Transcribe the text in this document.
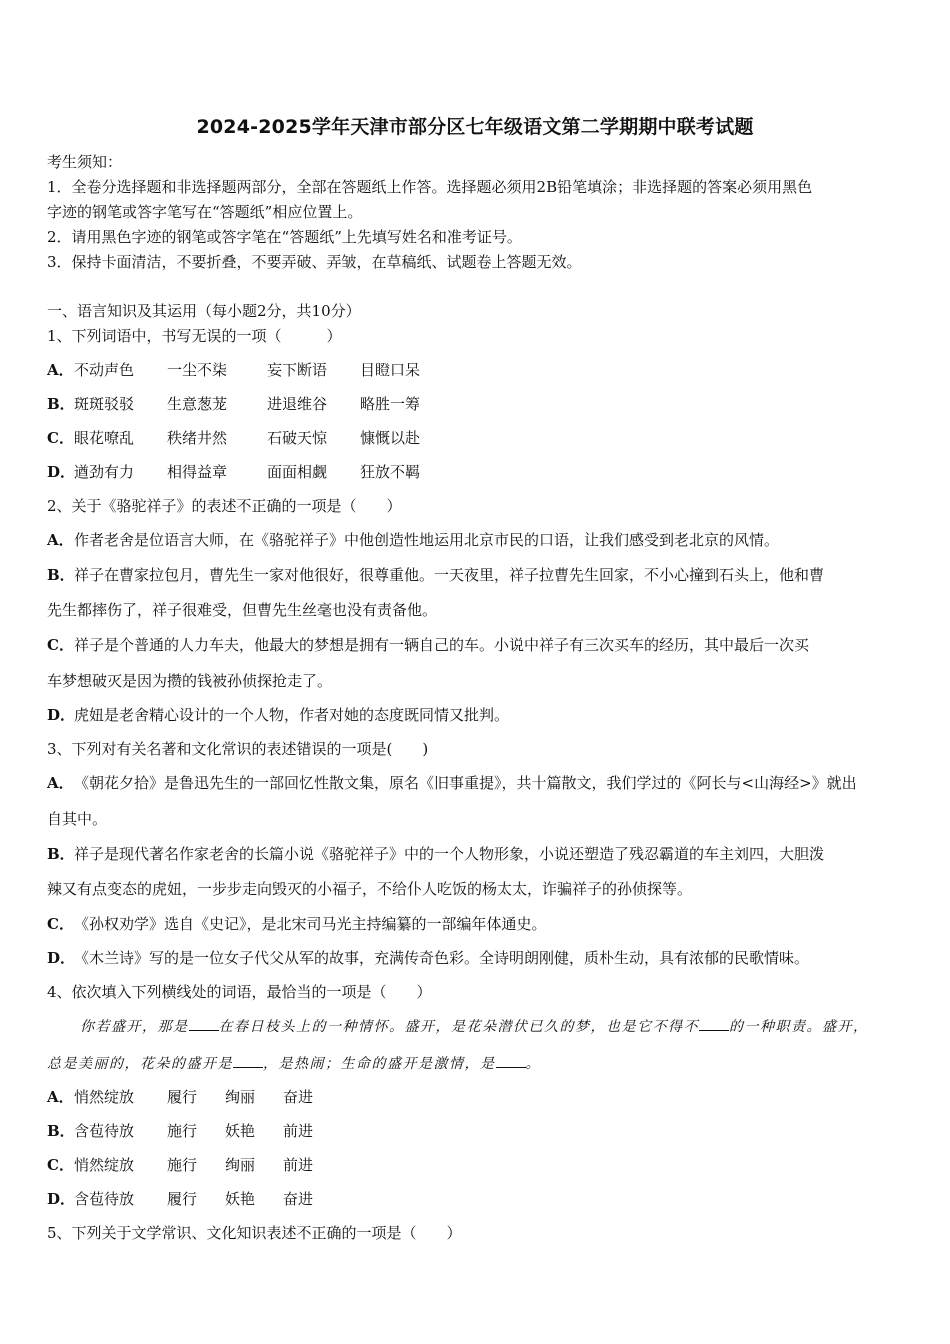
2024-2025学年天津市部分区七年级语文第二学期期中联考试题
考生须知：
1．全卷分选择题和非选择题两部分，全部在答题纸上作答。选择题必须用2B铅笔填涂；非选择题的答案必须用黑色
字迹的钢笔或答字笔写在“答题纸”相应位置上。
2．请用黑色字迹的钢笔或答字笔在“答题纸”上先填写姓名和准考证号。
3．保持卡面清洁，不要折叠，不要弄破、弄皱，在草稿纸、试题卷上答题无效。
一、语言知识及其运用（每小题2分，共10分）
1、下列词语中，书写无误的一项（　　　）
A．不动声色 一尘不柒	妄下断语 目瞪口呆
B．斑斑驳驳 生意葱茏	进退维谷 略胜一筹
C．眼花嘹乱 秩绪井然	石破天惊 慷慨以赴
D．遒劲有力 相得益章	面面相觑 狂放不羁
2、关于《骆驼祥子》的表述不正确的一项是（　　）
A．作者老舍是位语言大师，在《骆驼祥子》中他创造性地运用北京市民的口语，让我们感受到老北京的风情。
B．祥子在曹家拉包月，曹先生一家对他很好，很尊重他。一天夜里，祥子拉曹先生回家，不小心撞到石头上，他和曹
先生都摔伤了，祥子很难受，但曹先生丝毫也没有责备他。
C．祥子是个普通的人力车夫，他最大的梦想是拥有一辆自己的车。小说中祥子有三次买车的经历，其中最后一次买
车梦想破灭是因为攒的钱被孙侦探抢走了。
D．虎妞是老舍精心设计的一个人物，作者对她的态度既同情又批判。
3、下列对有关名著和文化常识的表述错误的一项是(　　)
A．《朝花夕拾》是鲁迅先生的一部回忆性散文集，原名《旧事重提》，共十篇散文，我们学过的《阿长与<山海经>》就出
自其中。
B．祥子是现代著名作家老舍的长篇小说《骆驼祥子》中的一个人物形象，小说还塑造了残忍霸道的车主刘四，大胆泼
辣又有点变态的虎妞，一步步走向毁灭的小福子，不给仆人吃饭的杨太太，诈骗祥子的孙侦探等。
C．《孙权劝学》选自《史记》，是北宋司马光主持编纂的一部编年体通史。
D．《木兰诗》写的是一位女子代父从军的故事，充满传奇色彩。全诗明朗刚健，质朴生动，具有浓郁的民歌情味。
4、依次填入下列横线处的词语，最恰当的一项是（　　）
你若盛开，那是 在春日枝头上的一种情怀。盛开，是花朵潜伏已久的梦，也是它不得不 的一种职责。盛开，
总是美丽的，花朵的盛开是 ，是热闹；生命的盛开是激情，是 。
A．悄然绽放 履行 绚丽 奋进
B．含苞待放 施行 妖艳 前进
C．悄然绽放 施行 绚丽 前进
D．含苞待放 履行 妖艳 奋进
5、下列关于文学常识、文化知识表述不正确的一项是（　　）
